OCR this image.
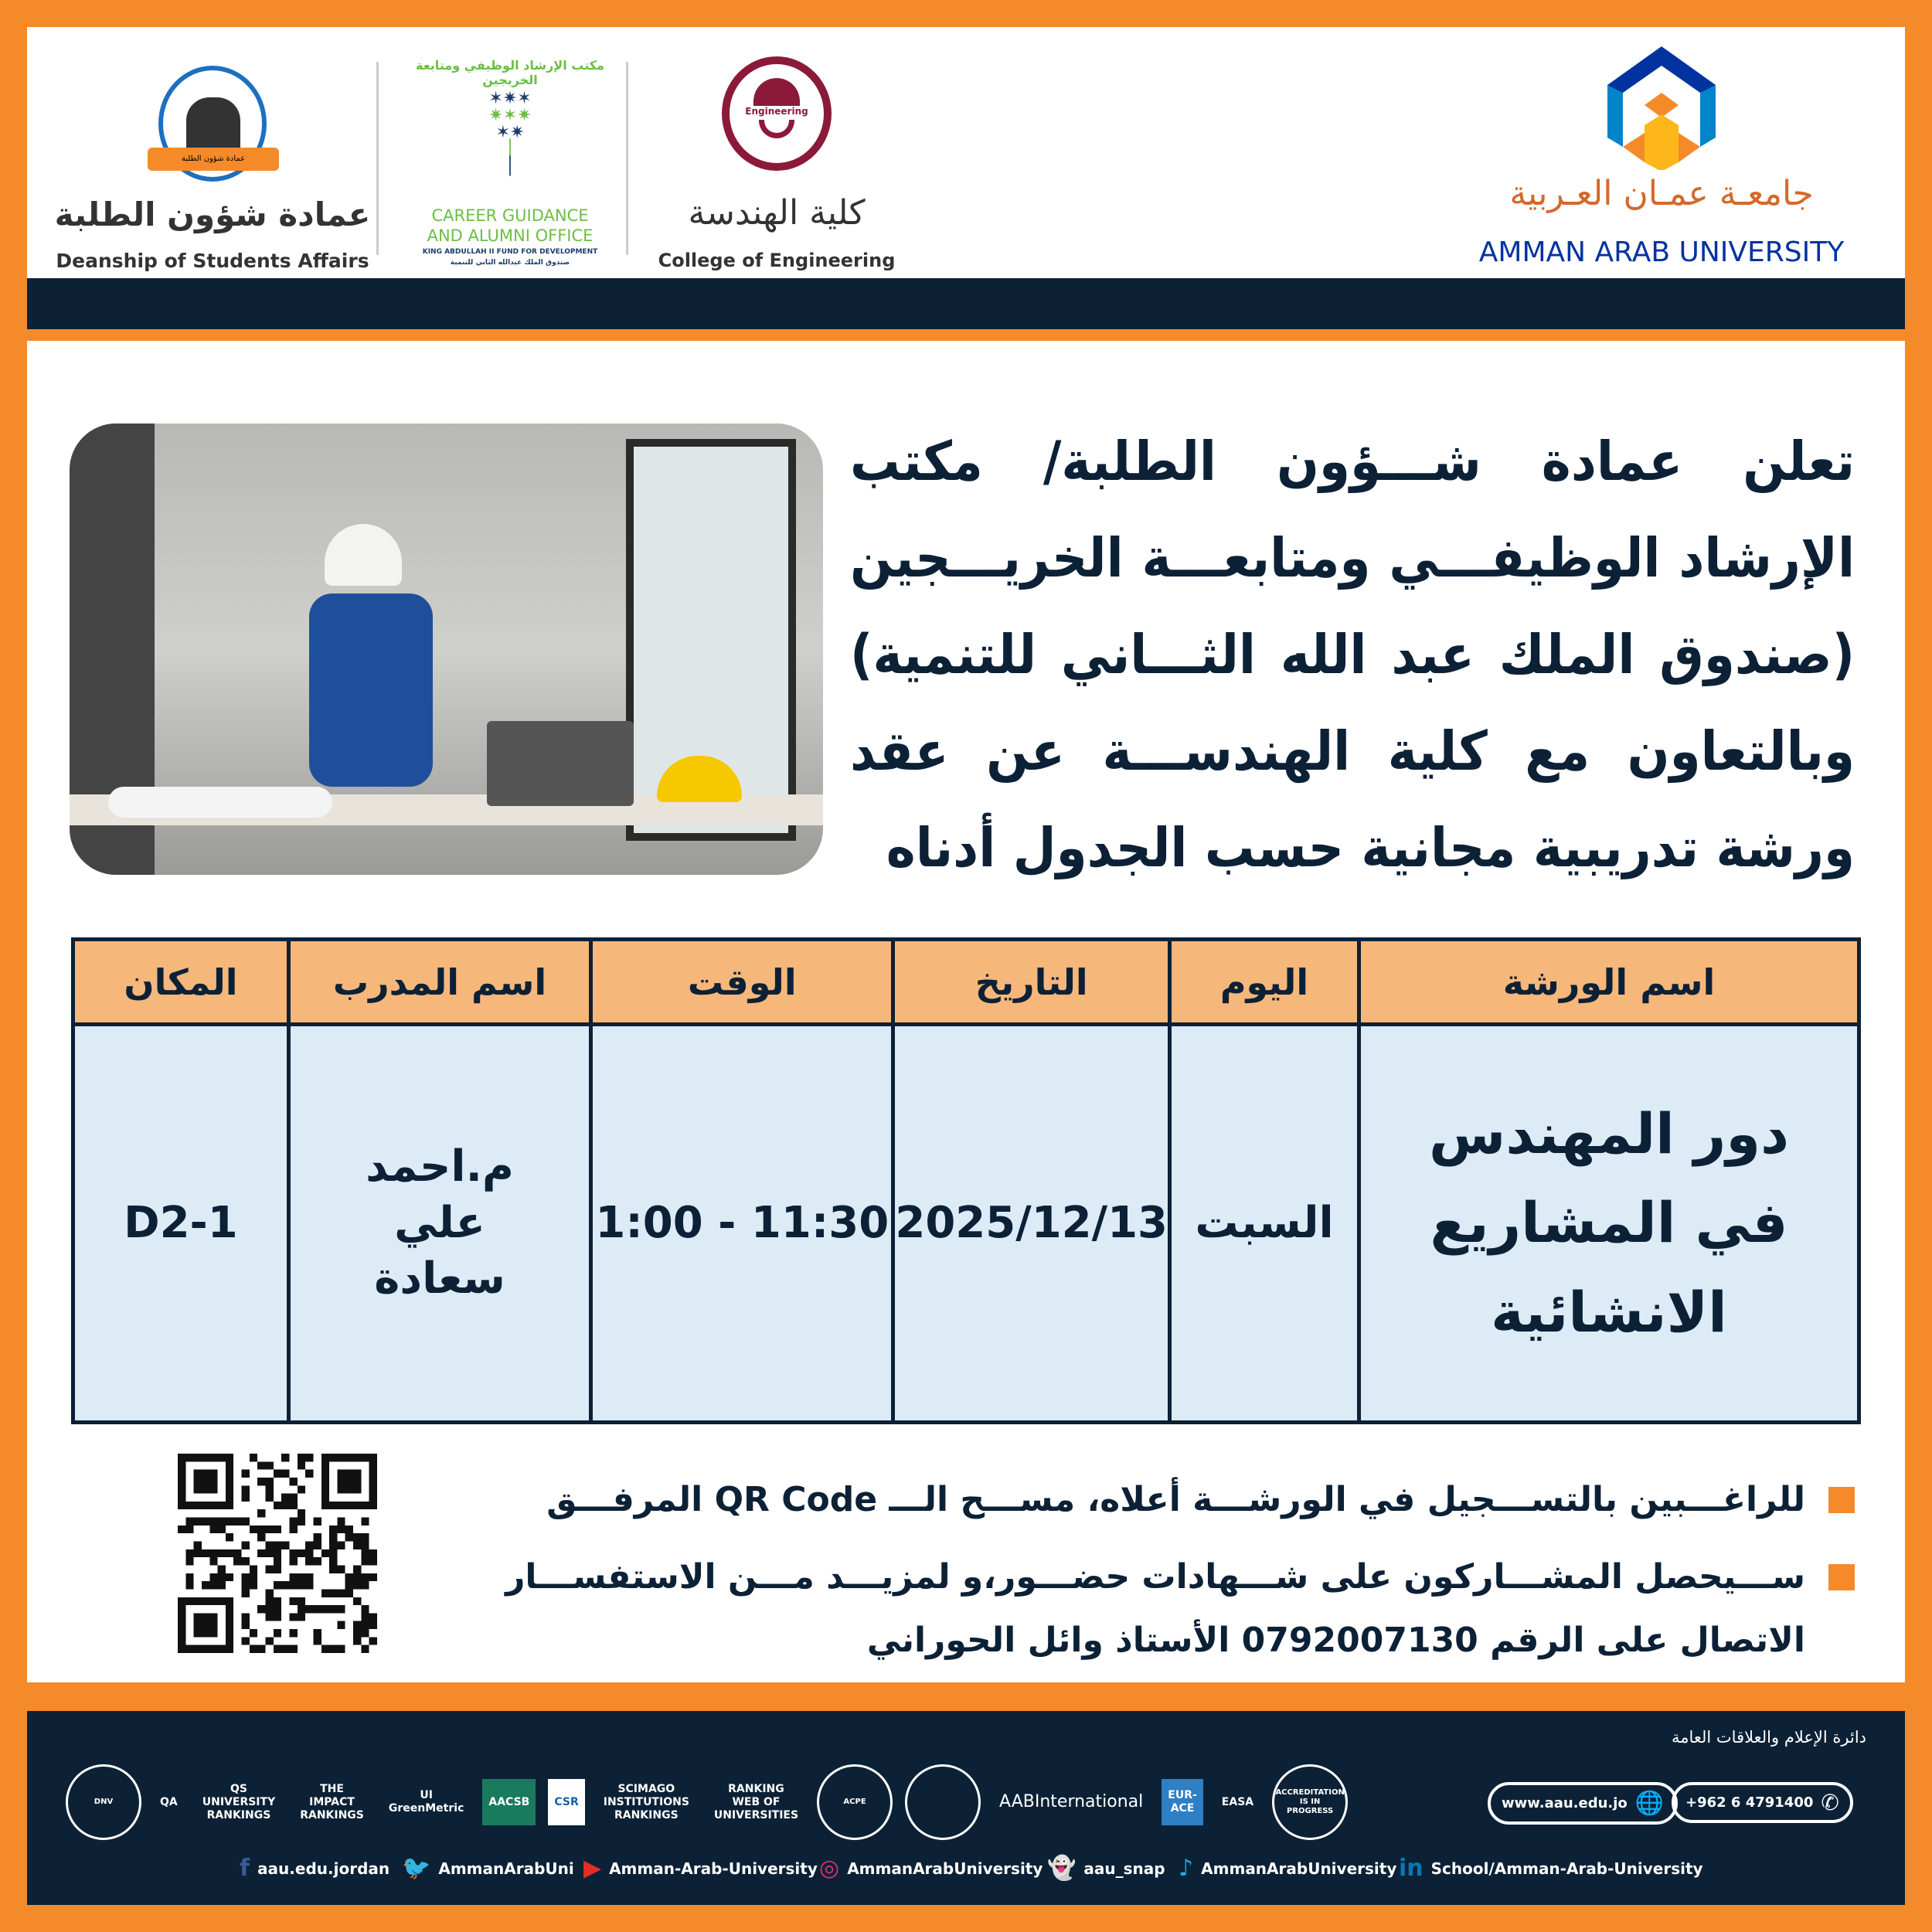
عمادة شؤون الطلبة
عمادة شؤون الطلبة
Deanship of Students Affairs
مكتب الإرشاد الوظيفي ومتابعة الخريجين
✶✷✶
✷✶✷
✶✷
│
│
CAREER GUIDANCE
AND ALUMNI OFFICE
KING ABDULLAH II FUND FOR DEVELOPMENT
صندوق الملك عبدالله الثاني للتنمية
Engineering
كلية الهندسة
College of Engineering
جامعـة عمـان العـربية
AMMAN ARAB UNIVERSITY
تعلن عمادة شـــؤون الطلبة/ مكتب الإرشاد الوظيفـــي ومتابعـــة الخريـــجين (صندوق الملك عبد الله الثـــاني للتنمية) وبالتعاون مع كلية الهندســـة عن عقد ورشة تدريبية مجانية حسب الجدول أدناه
اسم الورشة	اليوم	التاريخ	الوقت	اسم المدرب	المكان
دور المهندس في المشاريع الانشائية	السبت	2025/12/13	1:00 - 11:30	م.احمد علي سعادة	D2-1
للراغـــبين بالتســـجيل في الورشـــة أعلاه، مســـح الـــ QR Code المرفـــق
ســـيحصل المشـــاركون على شـــهادات حضـــور،و لمزيـــد مـــن الاستفســـار الاتصال على الرقم 0792007130 الأستاذ وائل الحوراني
دائرة الإعلام والعلاقات العامة
DNV	QA
QS UNIVERSITY RANKINGS
THE IMPACT RANKINGS
UI GreenMetric
AACSB CSR
SCIMAGO INSTITUTIONS RANKINGS
RANKING WEB OF UNIVERSITIES
ACPE	AABInternational EUR-ACE
EASA
ACCREDITATION IS IN PROGRESS	www.aau.edu.jo 🌐 +962 6 4791400 ✆
f aau.edu.jordan 🐦 AmmanArabUni ▶ Amman-Arab-University ◎ AmmanArabUniversity 👻 aau_snap ♪ AmmanArabUniversity in School/Amman-Arab-University
